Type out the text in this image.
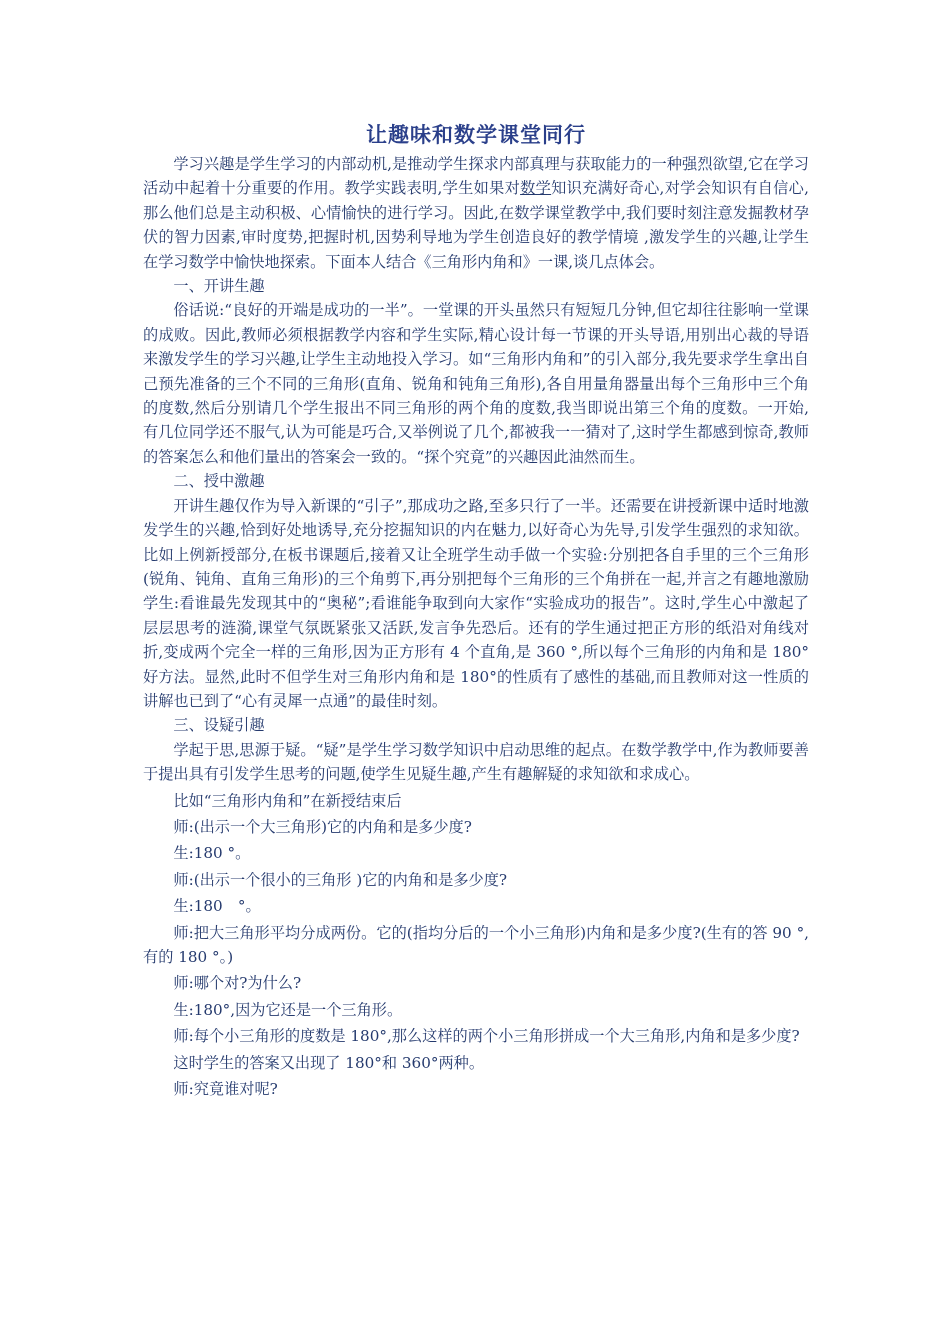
让趣味和数学课堂同行

学习兴趣是学生学习的内部动机,是推动学生探求内部真理与获取能力的一种强烈欲望,它在学习活动中起着十分重要的作用。教学实践表明,学生如果对数学知识充满好奇心,对学会知识有自信心,那么他们总是主动积极、心情愉快的进行学习。因此,在数学课堂教学中,我们要时刻注意发掘教材孕伏的智力因素,审时度势,把握时机,因势利导地为学生创造良好的教学情境 ,激发学生的兴趣,让学生在学习数学中愉快地探索。下面本人结合《三角形内角和》一课,谈几点体会。

一、开讲生趣

俗话说:“良好的开端是成功的一半”。一堂课的开头虽然只有短短几分钟,但它却往往影响一堂课的成败。因此,教师必须根据教学内容和学生实际,精心设计每一节课的开头导语,用别出心裁的导语来激发学生的学习兴趣,让学生主动地投入学习。如“三角形内角和”的引入部分,我先要求学生拿出自己预先准备的三个不同的三角形(直角、锐角和钝角三角形),各自用量角器量出每个三角形中三个角的度数,然后分别请几个学生报出不同三角形的两个角的度数,我当即说出第三个角的度数。一开始,有几位同学还不服气,认为可能是巧合,又举例说了几个,都被我一一猜对了,这时学生都感到惊奇,教师的答案怎么和他们量出的答案会一致的。“探个究竟”的兴趣因此油然而生。

二、授中激趣

开讲生趣仅作为导入新课的“引子”,那成功之路,至多只行了一半。还需要在讲授新课中适时地激发学生的兴趣,恰到好处地诱导,充分挖掘知识的内在魅力,以好奇心为先导,引发学生强烈的求知欲。比如上例新授部分,在板书课题后,接着又让全班学生动手做一个实验:分别把各自手里的三个三角形(锐角、钝角、直角三角形)的三个角剪下,再分别把每个三角形的三个角拼在一起,并言之有趣地激励学生:看谁最先发现其中的“奥秘”;看谁能争取到向大家作“实验成功的报告”。这时,学生心中激起了层层思考的涟漪,课堂气氛既紧张又活跃,发言争先恐后。还有的学生通过把正方形的纸沿对角线对折,变成两个完全一样的三角形,因为正方形有 4 个直角,是 360 °,所以每个三角形的内角和是 180°好方法。显然,此时不但学生对三角形内角和是 180°的性质有了感性的基础,而且教师对这一性质的讲解也已到了“心有灵犀一点通”的最佳时刻。

三、设疑引趣

学起于思,思源于疑。“疑”是学生学习数学知识中启动思维的起点。在数学教学中,作为教师要善于提出具有引发学生思考的问题,使学生见疑生趣,产生有趣解疑的求知欲和求成心。

比如“三角形内角和”在新授结束后

师:(出示一个大三角形)它的内角和是多少度?

生:180 °。

师:(出示一个很小的三角形 )它的内角和是多少度?

生:180　°。

师:把大三角形平均分成两份。它的(指均分后的一个小三角形)内角和是多少度?(生有的答 90 °,有的 180 °。)

师:哪个对?为什么?

生:180°,因为它还是一个三角形。

师:每个小三角形的度数是 180°,那么这样的两个小三角形拼成一个大三角形,内角和是多少度?

这时学生的答案又出现了 180°和 360°两种。

师:究竟谁对呢?
